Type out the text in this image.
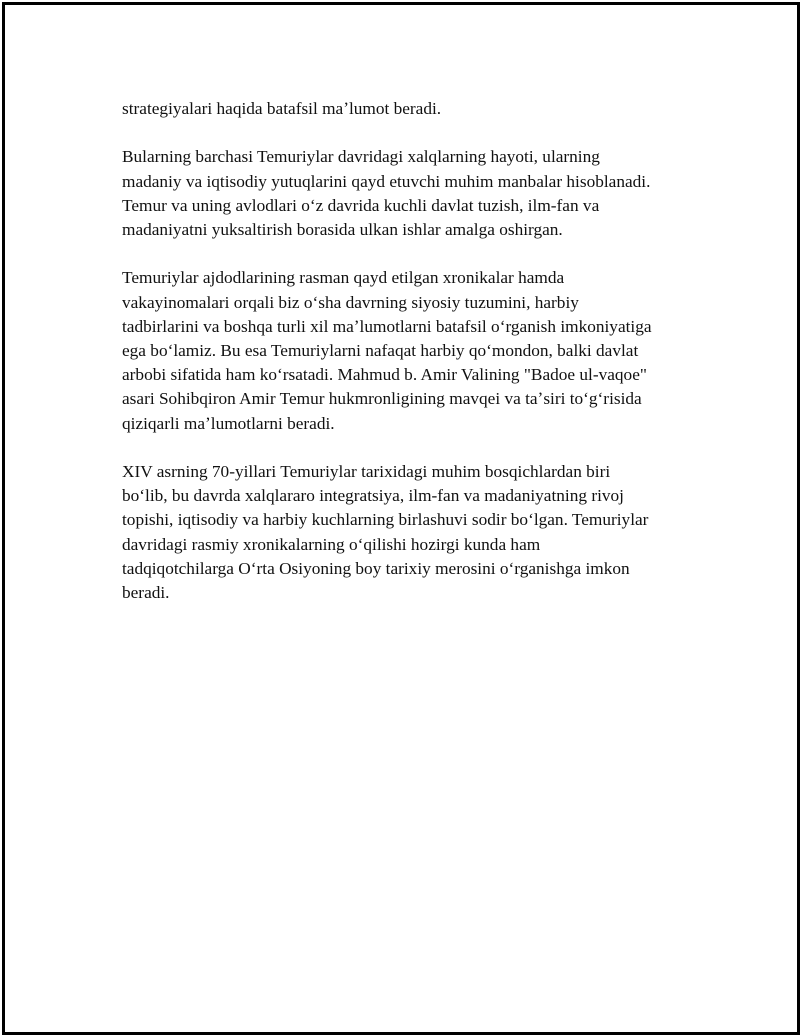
strategiyalari haqida batafsil maʼlumot beradi.

Bularning barchasi Temuriylar davridagi xalqlarning hayoti, ularning
madaniy va iqtisodiy yutuqlarini qayd etuvchi muhim manbalar hisoblanadi.
Temur va uning avlodlari oʻz davrida kuchli davlat tuzish, ilm-fan va
madaniyatni yuksaltirish borasida ulkan ishlar amalga oshirgan.

Temuriylar ajdodlarining rasman qayd etilgan xronikalar hamda
vakayinomalari orqali biz oʻsha davrning siyosiy tuzumini, harbiy
tadbirlarini va boshqa turli xil maʼlumotlarni batafsil oʻrganish imkoniyatiga
ega boʻlamiz. Bu esa Temuriylarni nafaqat harbiy qoʻmondon, balki davlat
arbobi sifatida ham koʻrsatadi. Mahmud b. Amir Valining "Badoe ul-vaqoe"
asari Sohibqiron Amir Temur hukmronligining mavqei va taʼsiri toʻgʻrisida
qiziqarli maʼlumotlarni beradi.

XIV asrning 70-yillari Temuriylar tarixidagi muhim bosqichlardan biri
boʻlib, bu davrda xalqlararo integratsiya, ilm-fan va madaniyatning rivoj
topishi, iqtisodiy va harbiy kuchlarning birlashuvi sodir boʻlgan. Temuriylar
davridagi rasmiy xronikalarning oʻqilishi hozirgi kunda ham
tadqiqotchilarga Oʻrta Osiyoning boy tarixiy merosini oʻrganishga imkon
beradi.
